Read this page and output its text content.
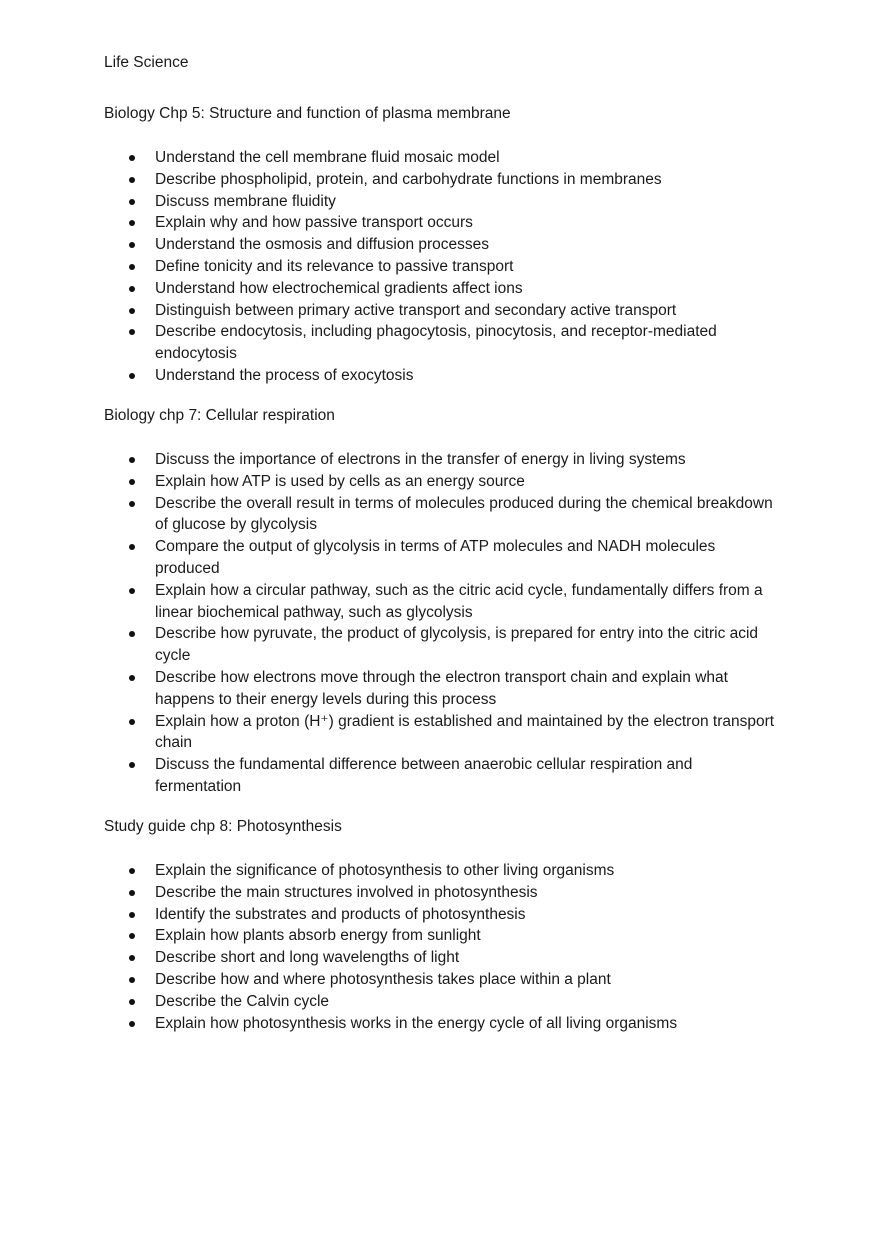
Life Science
Biology Chp 5: Structure and function of plasma membrane
Understand the cell membrane fluid mosaic model
Describe phospholipid, protein, and carbohydrate functions in membranes
Discuss membrane fluidity
Explain why and how passive transport occurs
Understand the osmosis and diffusion processes
Define tonicity and its relevance to passive transport
Understand how electrochemical gradients affect ions
Distinguish between primary active transport and secondary active transport
Describe endocytosis, including phagocytosis, pinocytosis, and receptor-mediated endocytosis
Understand the process of exocytosis
Biology chp 7: Cellular respiration
Discuss the importance of electrons in the transfer of energy in living systems
Explain how ATP is used by cells as an energy source
Describe the overall result in terms of molecules produced during the chemical breakdown of glucose by glycolysis
Compare the output of glycolysis in terms of ATP molecules and NADH molecules produced
Explain how a circular pathway, such as the citric acid cycle, fundamentally differs from a linear biochemical pathway, such as glycolysis
Describe how pyruvate, the product of glycolysis, is prepared for entry into the citric acid cycle
Describe how electrons move through the electron transport chain and explain what happens to their energy levels during this process
Explain how a proton (H⁺) gradient is established and maintained by the electron transport chain
Discuss the fundamental difference between anaerobic cellular respiration and fermentation
Study guide chp 8: Photosynthesis
Explain the significance of photosynthesis to other living organisms
Describe the main structures involved in photosynthesis
Identify the substrates and products of photosynthesis
Explain how plants absorb energy from sunlight
Describe short and long wavelengths of light
Describe how and where photosynthesis takes place within a plant
Describe the Calvin cycle
Explain how photosynthesis works in the energy cycle of all living organisms
